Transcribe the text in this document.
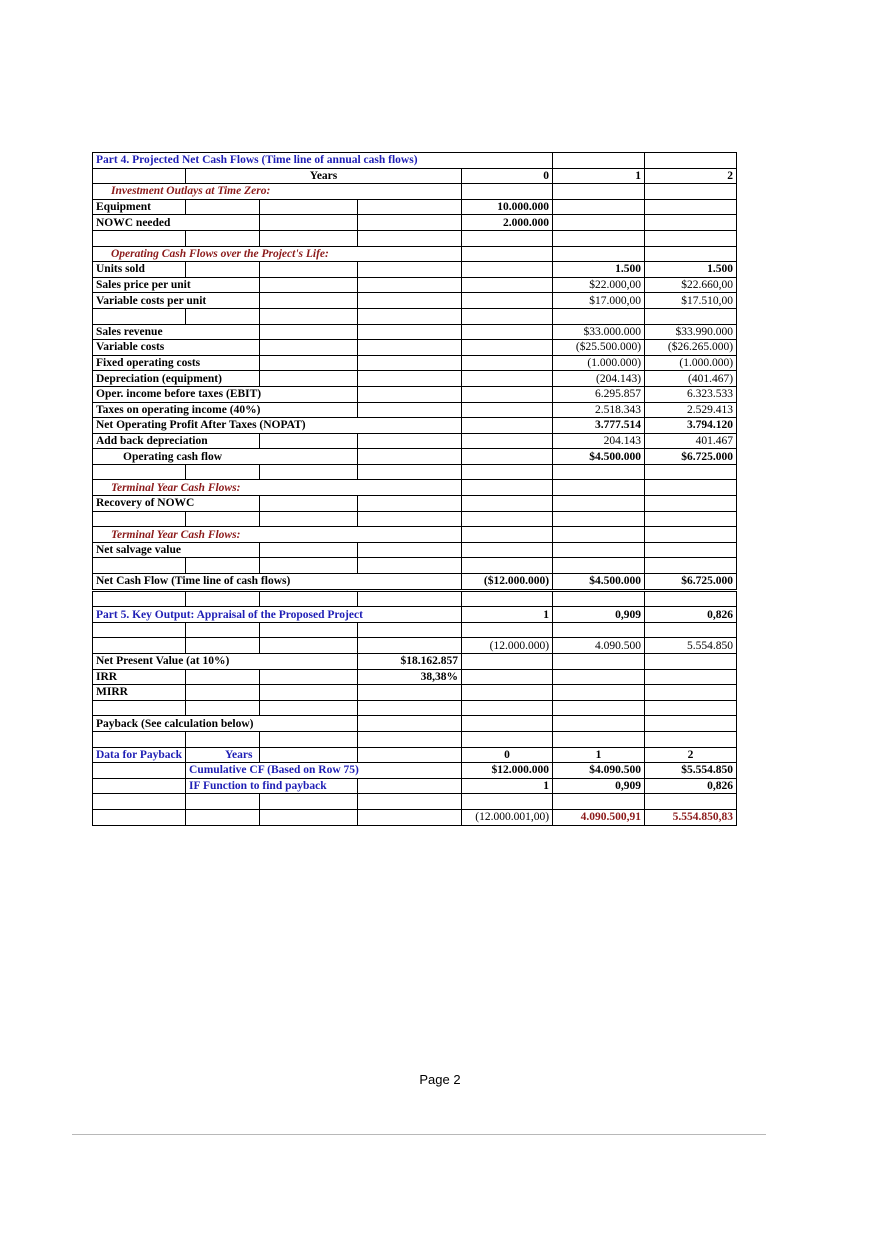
Part 4. Projected Net Cash Flows (Time line of annual cash flows)						
	Years			0	1	2
Investment Outlays at Time Zero:						
Equipment				10.000.000		
NOWC needed				2.000.000		

Operating Cash Flows over the Project's Life:						
Units sold					1.500	1.500
Sales price per unit					$22.000,00	$22.660,00
Variable costs per unit					$17.000,00	$17.510,00

Sales revenue					$33.000.000	$33.990.000
Variable costs					($25.500.000)	($26.265.000)
Fixed operating costs					(1.000.000)	(1.000.000)
Depreciation (equipment)					(204.143)	(401.467)
Oper. income before taxes (EBIT)					6.295.857	6.323.533
Taxes on operating income (40%)					2.518.343	2.529.413
Net Operating Profit After Taxes (NOPAT)					3.777.514	3.794.120
Add back depreciation					204.143	401.467
Operating cash flow					$4.500.000	$6.725.000

Terminal Year Cash Flows:						
Recovery of NOWC						

Terminal Year Cash Flows:						
Net salvage value						

Net Cash Flow (Time line of cash flows)				($12.000.000)	$4.500.000	$6.725.000

Part 5. Key Output: Appraisal of the Proposed Project				1	0,909	0,826

				(12.000.000)	4.090.500	5.554.850
Net Present Value (at 10%)			$18.162.857			
IRR			38,38%			
MIRR						

Payback (See calculation below)						

Data for Payback	Years			0	1	2
	Cumulative CF (Based on Row 75)			$12.000.000	$4.090.500	$5.554.850
	IF Function to find payback			1	0,909	0,826

				(12.000.001,00)	4.090.500,91	5.554.850,83
Page 2
